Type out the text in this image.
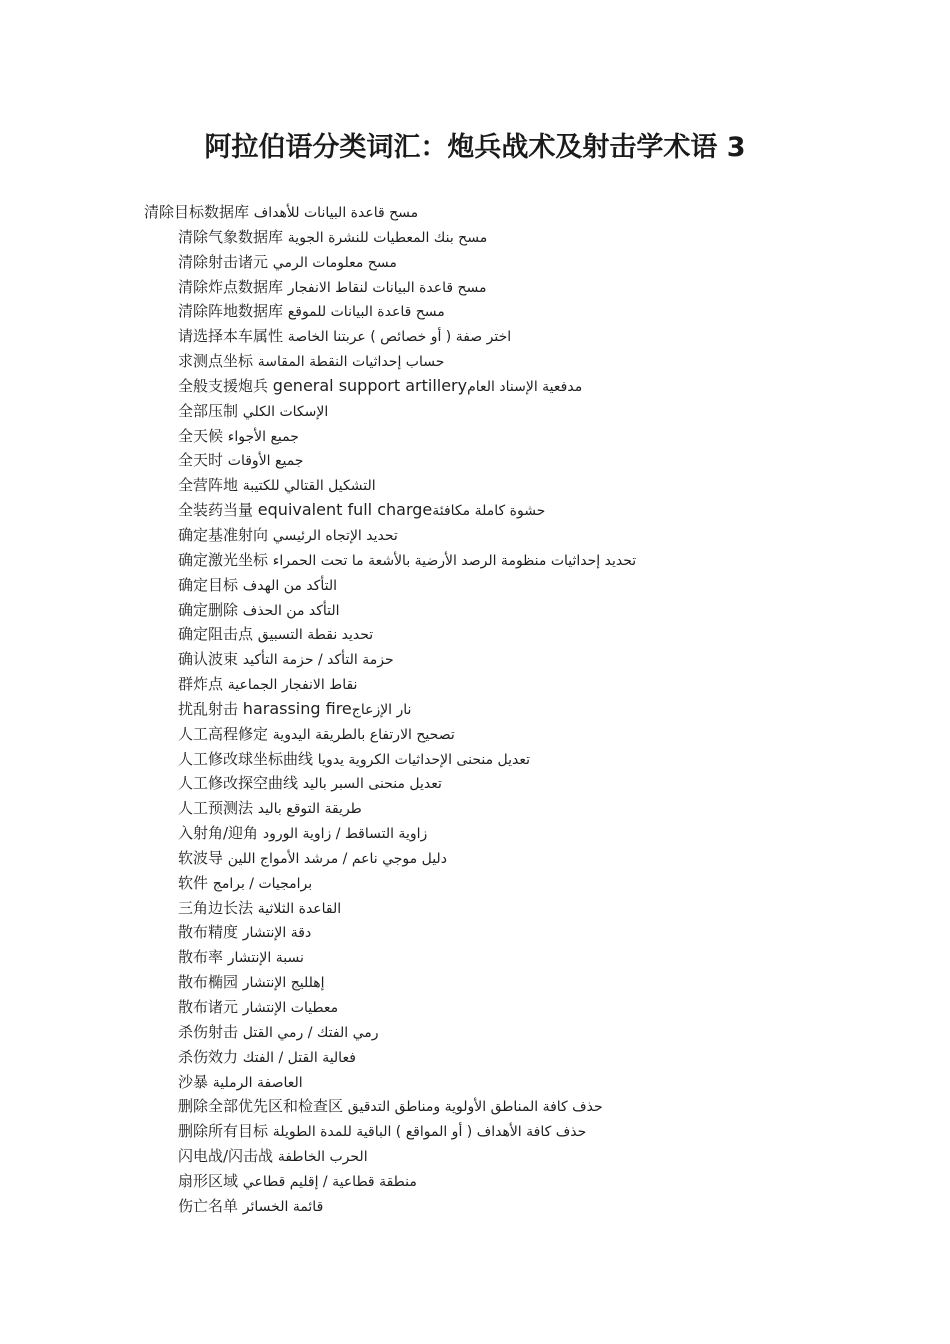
阿拉伯语分类词汇：炮兵战术及射击学术语 3
清除目标数据库 مسح قاعدة البيانات للأهداف
清除气象数据库 مسح بنك المعطيات للنشرة الجوية
清除射击诸元 مسح معلومات الرمي
清除炸点数据库 مسح قاعدة البيانات لنقاط الانفجار
清除阵地数据库 مسح قاعدة البيانات للموقع
请选择本车属性 اختر صفة ( أو خصائص ) عربتنا الخاصة
求测点坐标 حساب إحداثيات النقطة المقاسة
全般支援炮兵 general support artilleryمدفعية الإسناد العام
全部压制 الإسكات الكلي
全天候 جميع الأجواء
全天时 جميع الأوقات
全营阵地 التشكيل القتالي للكتيبة
全装药当量 equivalent full chargeحشوة كاملة مكافئة
确定基准射向 تحديد الإتجاه الرئيسي
确定激光坐标 تحديد إحداثيات منظومة الرصد الأرضية بالأشعة ما تحت الحمراء
确定目标 التأكد من الهدف
确定删除 التأكد من الحذف
确定阻击点 تحديد نقطة التسبيق
确认波束 حزمة التأكد / حزمة التأكيد
群炸点 نقاط الانفجار الجماعية
扰乱射击 harassing fireنار الإزعاج
人工高程修定 تصحيح الارتفاع بالطريقة اليدوية
人工修改球坐标曲线 تعديل منحنى الإحداثيات الكروية يدويا
人工修改探空曲线 تعديل منحنى السبر باليد
人工预测法 طريقة التوقع باليد
入射角/迎角 زاوية التساقط / زاوية الورود
软波导 دليل موجي ناعم / مرشد الأمواج اللين
软件 برامجيات / برامج
三角边长法 القاعدة الثلاثية
散布精度 دقة الإنتشار
散布率 نسبة الإنتشار
散布椭园 إهلليج الإنتشار
散布诸元 معطيات الإنتشار
杀伤射击 رمي الفتك / رمي القتل
杀伤效力 فعالية القتل / الفتك
沙暴 العاصفة الرملية
删除全部优先区和检查区 حذف كافة المناطق الأولوية ومناطق التدقيق
删除所有目标 حذف كافة الأهداف ( أو المواقع ) الباقية للمدة الطويلة
闪电战/闪击战 الحرب الخاطفة
扇形区域 منطقة قطاعية / إقليم قطاعي
伤亡名单 قائمة الخسائر
